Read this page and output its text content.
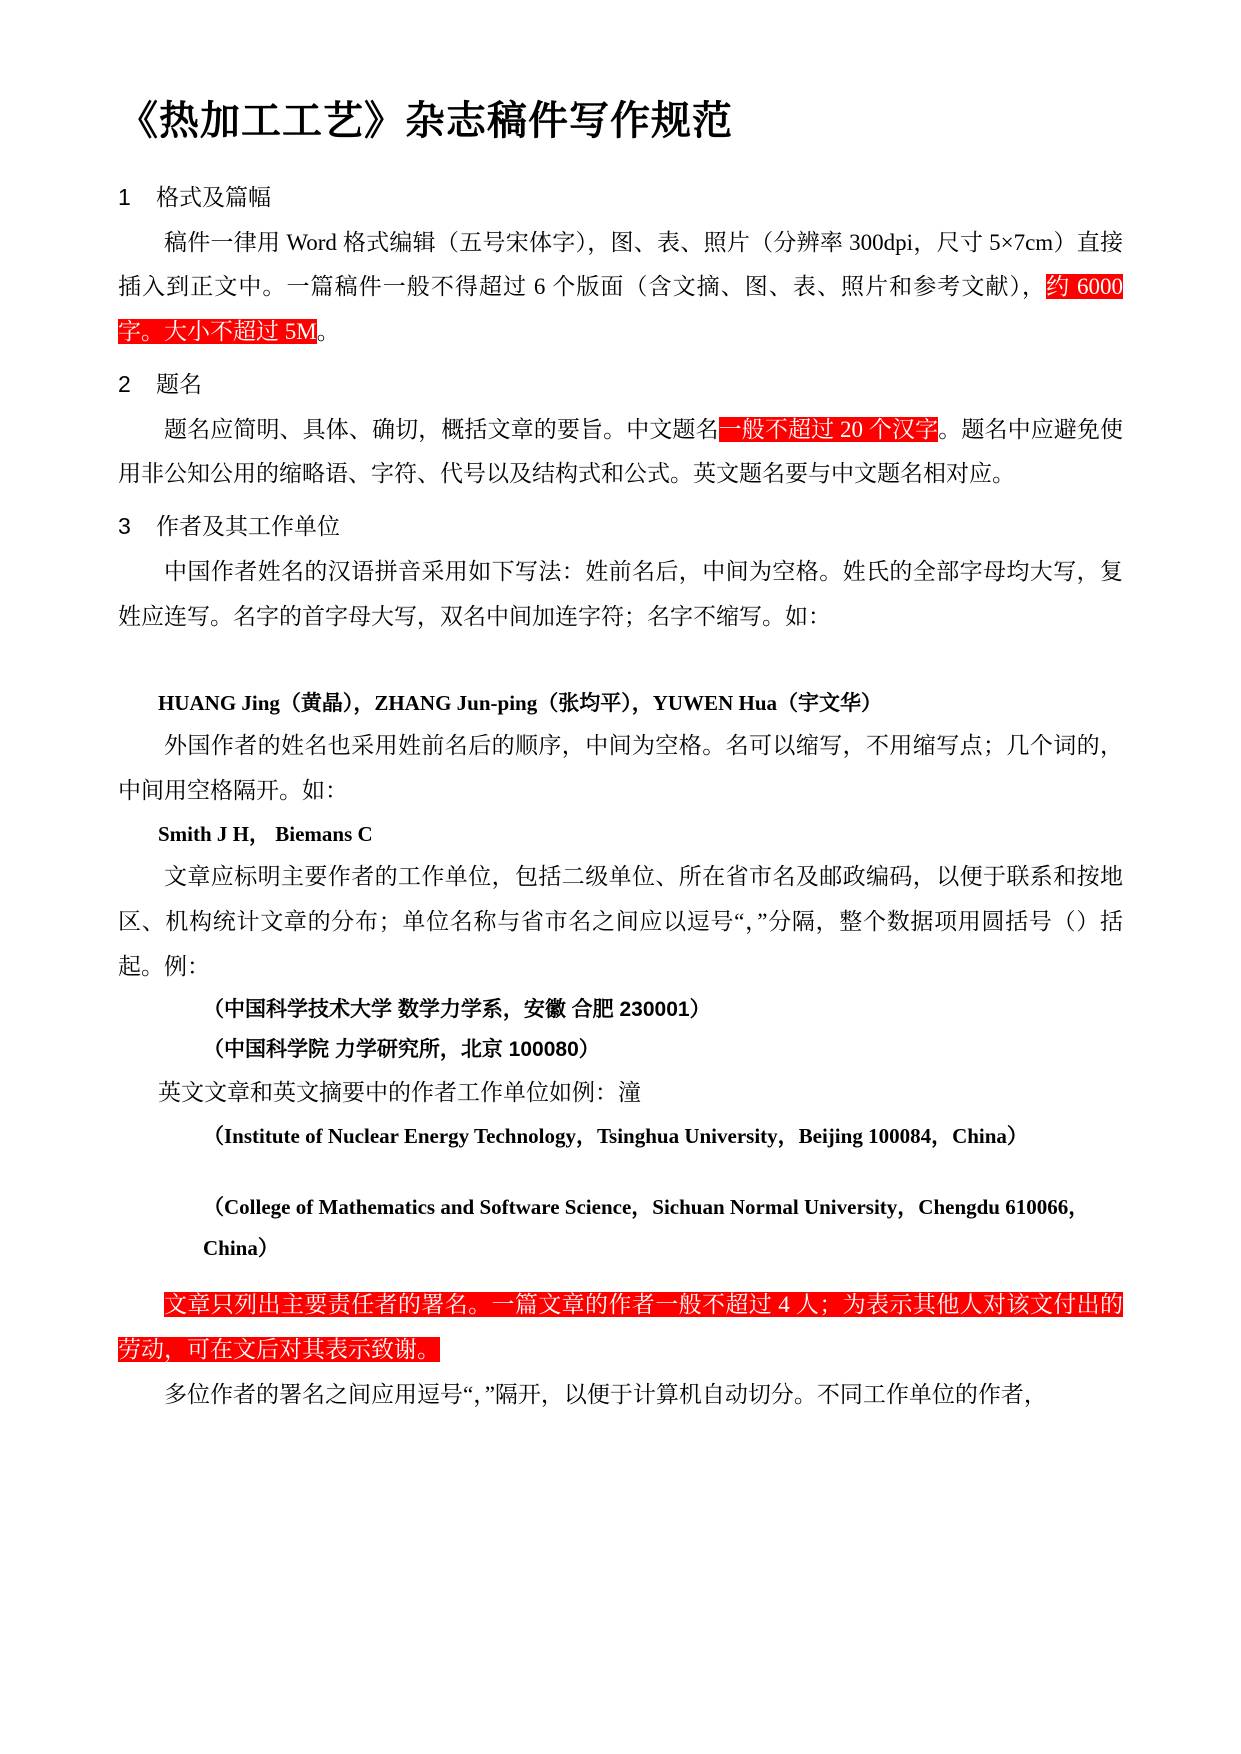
《热加工工艺》杂志稿件写作规范
1 格式及篇幅

稿件一律用 Word 格式编辑（五号宋体字），图、表、照片（分辨率 300dpi，尺寸 5×7cm）直接插入到正文中。一篇稿件一般不得超过 6 个版面（含文摘、图、表、照片和参考文献），约 6000 字。大小不超过 5M。

2 题名

题名应简明、具体、确切，概括文章的要旨。中文题名一般不超过 20 个汉字。题名中应避免使用非公知公用的缩略语、字符、代号以及结构式和公式。英文题名要与中文题名相对应。

3 作者及其工作单位

中国作者姓名的汉语拼音采用如下写法：姓前名后，中间为空格。姓氏的全部字母均大写，复姓应连写。名字的首字母大写，双名中间加连字符；名字不缩写。如：

HUANG Jing（黄晶），ZHANG Jun-ping（张均平），YUWEN Hua（宇文华）

外国作者的姓名也采用姓前名后的顺序，中间为空格。名可以缩写，不用缩写点；几个词的，中间用空格隔开。如：

Smith J H， Biemans C

文章应标明主要作者的工作单位，包括二级单位、所在省市名及邮政编码，以便于联系和按地区、机构统计文章的分布；单位名称与省市名之间应以逗号“，”分隔，整个数据项用圆括号（）括起。例：

（中国科学技术大学 数学力学系，安徽 合肥 230001）

（中国科学院 力学研究所，北京 100080）

英文文章和英文摘要中的作者工作单位如例：潼

（Institute of Nuclear Energy Technology，Tsinghua University，Beijing 100084，China）

（College of Mathematics and Software Science，Sichuan Normal University，Chengdu 610066，China）

文章只列出主要责任者的署名。一篇文章的作者一般不超过 4 人；为表示其他人对该文付出的劳动，可在文后对其表示致谢。

多位作者的署名之间应用逗号“，”隔开，以便于计算机自动切分。不同工作单位的作者，
